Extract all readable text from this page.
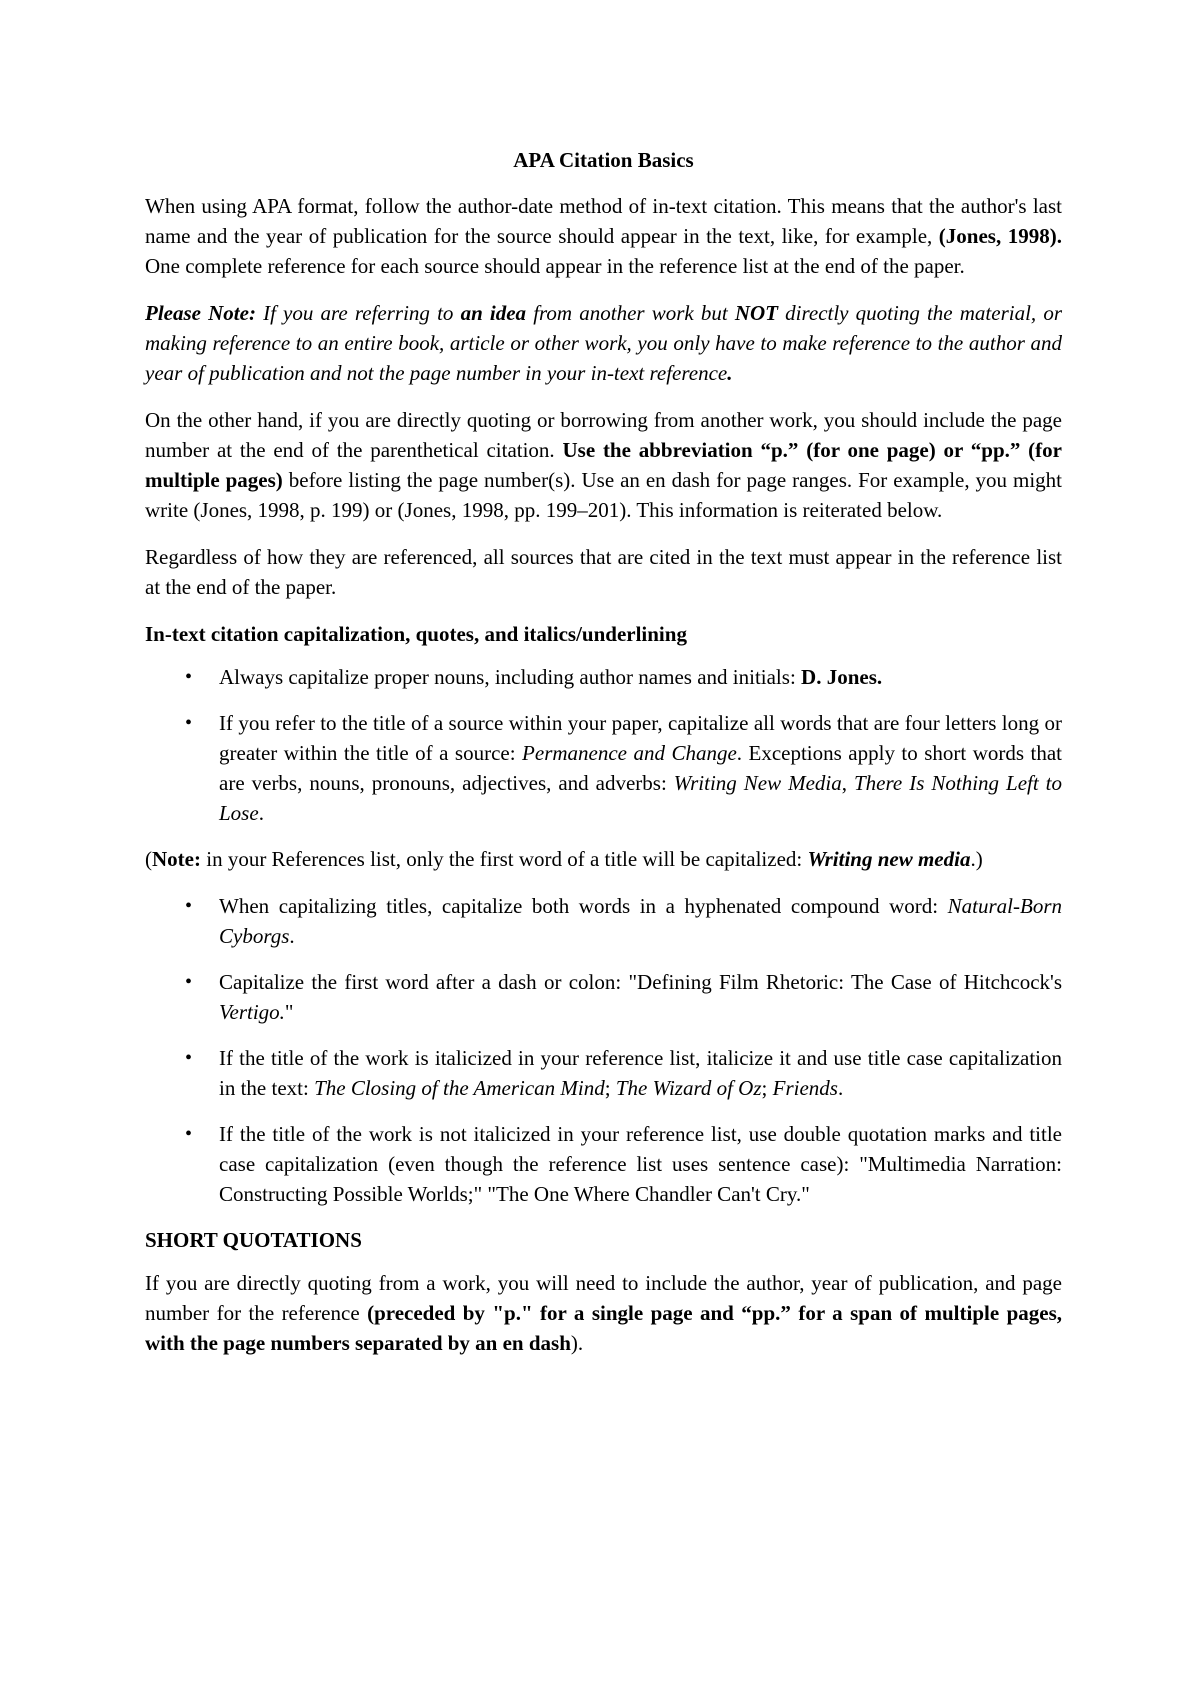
APA Citation Basics

When using APA format, follow the author-date method of in-text citation. This means that the author's last name and the year of publication for the source should appear in the text, like, for example, (Jones, 1998). One complete reference for each source should appear in the reference list at the end of the paper.

Please Note: If you are referring to an idea from another work but NOT directly quoting the material, or making reference to an entire book, article or other work, you only have to make reference to the author and year of publication and not the page number in your in-text reference.

On the other hand, if you are directly quoting or borrowing from another work, you should include the page number at the end of the parenthetical citation. Use the abbreviation “p.” (for one page) or “pp.” (for multiple pages) before listing the page number(s). Use an en dash for page ranges. For example, you might write (Jones, 1998, p. 199) or (Jones, 1998, pp. 199–201). This information is reiterated below.

Regardless of how they are referenced, all sources that are cited in the text must appear in the reference list at the end of the paper.

In-text citation capitalization, quotes, and italics/underlining
• Always capitalize proper nouns, including author names and initials: D. Jones.
• If you refer to the title of a source within your paper, capitalize all words that are four letters long or greater within the title of a source: Permanence and Change. Exceptions apply to short words that are verbs, nouns, pronouns, adjectives, and adverbs: Writing New Media, There Is Nothing Left to Lose.

(Note: in your References list, only the first word of a title will be capitalized: Writing new media.)

• When capitalizing titles, capitalize both words in a hyphenated compound word: Natural-Born Cyborgs.
• Capitalize the first word after a dash or colon: "Defining Film Rhetoric: The Case of Hitchcock's Vertigo."
• If the title of the work is italicized in your reference list, italicize it and use title case capitalization in the text: The Closing of the American Mind; The Wizard of Oz; Friends.
• If the title of the work is not italicized in your reference list, use double quotation marks and title case capitalization (even though the reference list uses sentence case): "Multimedia Narration: Constructing Possible Worlds;" "The One Where Chandler Can't Cry."
SHORT QUOTATIONS

If you are directly quoting from a work, you will need to include the author, year of publication, and page number for the reference (preceded by "p." for a single page and “pp.” for a span of multiple pages, with the page numbers separated by an en dash).
